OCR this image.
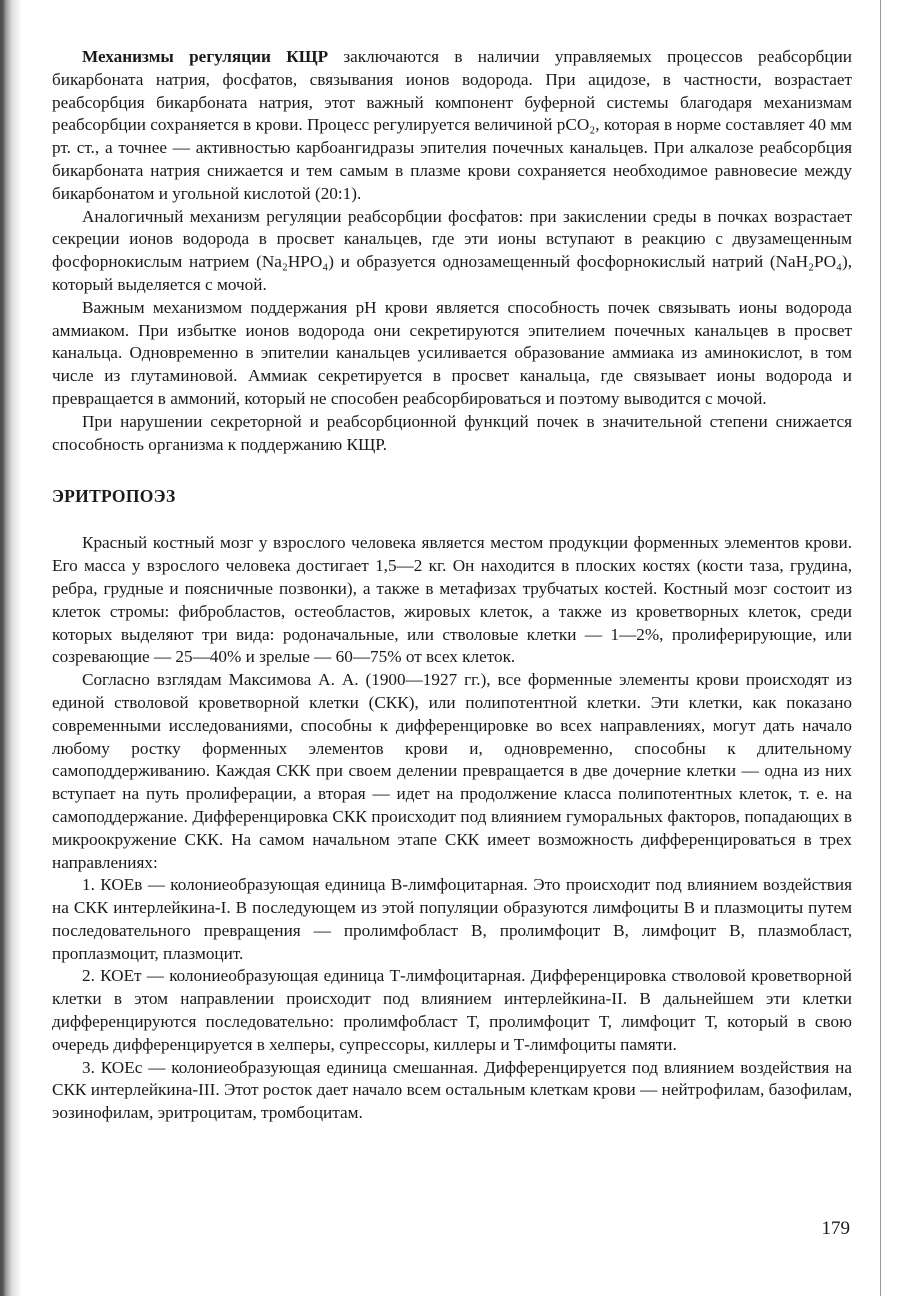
Механизмы регуляции КЩР заключаются в наличии управляемых процессов реабсорбции бикарбоната натрия, фосфатов, связывания ионов водорода. При ацидозе, в частности, возрастает реабсорбция бикарбоната натрия, этот важный компонент буферной системы благодаря механизмам реабсорбции сохраняется в крови. Процесс регулируется величиной рСО₂, которая в норме составляет 40 мм рт. ст., а точнее — активностью карбоангидразы эпителия почечных канальцев. При алкалозе реабсорбция бикарбоната натрия снижается и тем самым в плазме крови сохраняется необходимое равновесие между бикарбонатом и угольной кислотой (20:1).

Аналогичный механизм регуляции реабсорбции фосфатов: при закислении среды в почках возрастает секреции ионов водорода в просвет канальцев, где эти ионы вступают в реакцию с двузамещенным фосфорнокислым натрием (Na₂HPO₄) и образуется однозамещенный фосфорнокислый натрий (NaH₂PO₄), который выделяется с мочой.

Важным механизмом поддержания рН крови является способность почек связывать ионы водорода аммиаком. При избытке ионов водорода они секретируются эпителием почечных канальцев в просвет канальца. Одновременно в эпителии канальцев усиливается образование аммиака из аминокислот, в том числе из глутаминовой. Аммиак секретируется в просвет канальца, где связывает ионы водорода и превращается в аммоний, который не способен реабсорбироваться и поэтому выводится с мочой.

При нарушении секреторной и реабсорбционной функций почек в значительной степени снижается способность организма к поддержанию КЩР.

ЭРИТРОПОЭЗ

Красный костный мозг у взрослого человека является местом продукции форменных элементов крови. Его масса у взрослого человека достигает 1,5—2 кг. Он находится в плоских костях (кости таза, грудина, ребра, грудные и поясничные позвонки), а также в метафизах трубчатых костей. Костный мозг состоит из клеток стромы: фибробластов, остеобластов, жировых клеток, а также из кроветворных клеток, среди которых выделяют три вида: родоначальные, или стволовые клетки — 1—2%, пролиферирующие, или созревающие — 25—40% и зрелые — 60—75% от всех клеток.

Согласно взглядам Максимова А. А. (1900—1927 гг.), все форменные элементы крови происходят из единой стволовой кроветворной клетки (СКК), или полипотентной клетки. Эти клетки, как показано современными исследованиями, способны к дифференцировке во всех направлениях, могут дать начало любому ростку форменных элементов крови и, одновременно, способны к длительному самоподдерживанию. Каждая СКК при своем делении превращается в две дочерние клетки — одна из них вступает на путь пролиферации, а вторая — идет на продолжение класса полипотентных клеток, т. е. на самоподдержание. Дифференцировка СКК происходит под влиянием гуморальных факторов, попадающих в микроокружение СКК. На самом начальном этапе СКК имеет возможность дифференцироваться в трех направлениях:

1. КОЕв — колониеобразующая единица В-лимфоцитарная. Это происходит под влиянием воздействия на СКК интерлейкина-I. В последующем из этой популяции образуются лимфоциты В и плазмоциты путем последовательного превращения — пролимфобласт В, пролимфоцит В, лимфоцит В, плазмобласт, проплазмоцит, плазмоцит.

2. КОЕт — колониеобразующая единица Т-лимфоцитарная. Дифференцировка стволовой кроветворной клетки в этом направлении происходит под влиянием интерлейкина-II. В дальнейшем эти клетки дифференцируются последовательно: пролимфобласт Т, пролимфоцит Т, лимфоцит Т, который в свою очередь дифференцируется в хелперы, супрессоры, киллеры и Т-лимфоциты памяти.

3. КОЕс — колониеобразующая единица смешанная. Дифференцируется под влиянием воздействия на СКК интерлейкина-III. Этот росток дает начало всем остальным клеткам крови — нейтрофилам, базофилам, эозинофилам, эритроцитам, тромбоцитам.

179
